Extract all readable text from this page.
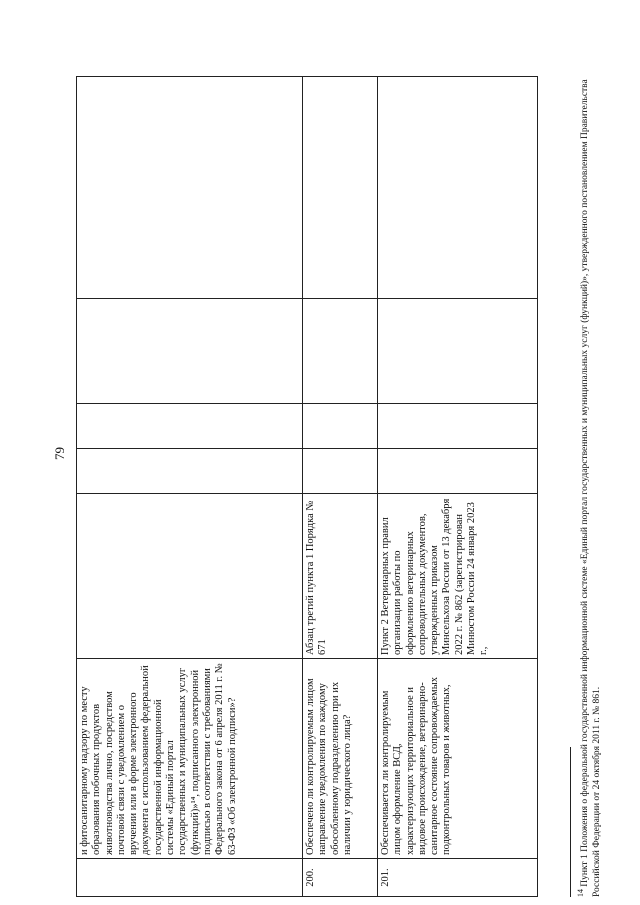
79
	и фитосанитарному надзору по месту образования побочных продуктов животноводства лично, посредством почтовой связи с уведомлением о вручении или в форме электронного документа с использованием федеральной государственной информационной системы «Единый портал государственных и муниципальных услуг (функций)»¹⁴, подписанного электронной подписью в соответствии с требованиями Федерального закона от 6 апреля 2011 г. № 63-ФЗ «Об электронной подписи»?					
200.	Обеспечено ли контролируемым лицом направление уведомления по каждому обособленному подразделению при их наличии у юридического лица?	Абзац третий пункта 1 Порядка № 671				
201.	Обеспечивается ли контролируемым лицом оформление ВСД, характеризующих территориальное и видовое происхождение, ветеринарно-санитарное состояние сопровождаемых подконтрольных товаров и животных,	Пункт 2 Ветеринарных правил организации работы по оформлению ветеринарных сопроводительных документов, утвержденных приказом Минсельхоза России от 13 декабря 2022 г. № 862 (зарегистрирован Минюстом России 24 января 2023 г.,				
$^{14}$ Пункт 1 Положения о федеральной государственной информационной системе «Единый портал государственных и муниципальных услуг (функций)», утвержденного постановлением Правительства Российской Федерации от 24 октября 2011 г. № 861.
